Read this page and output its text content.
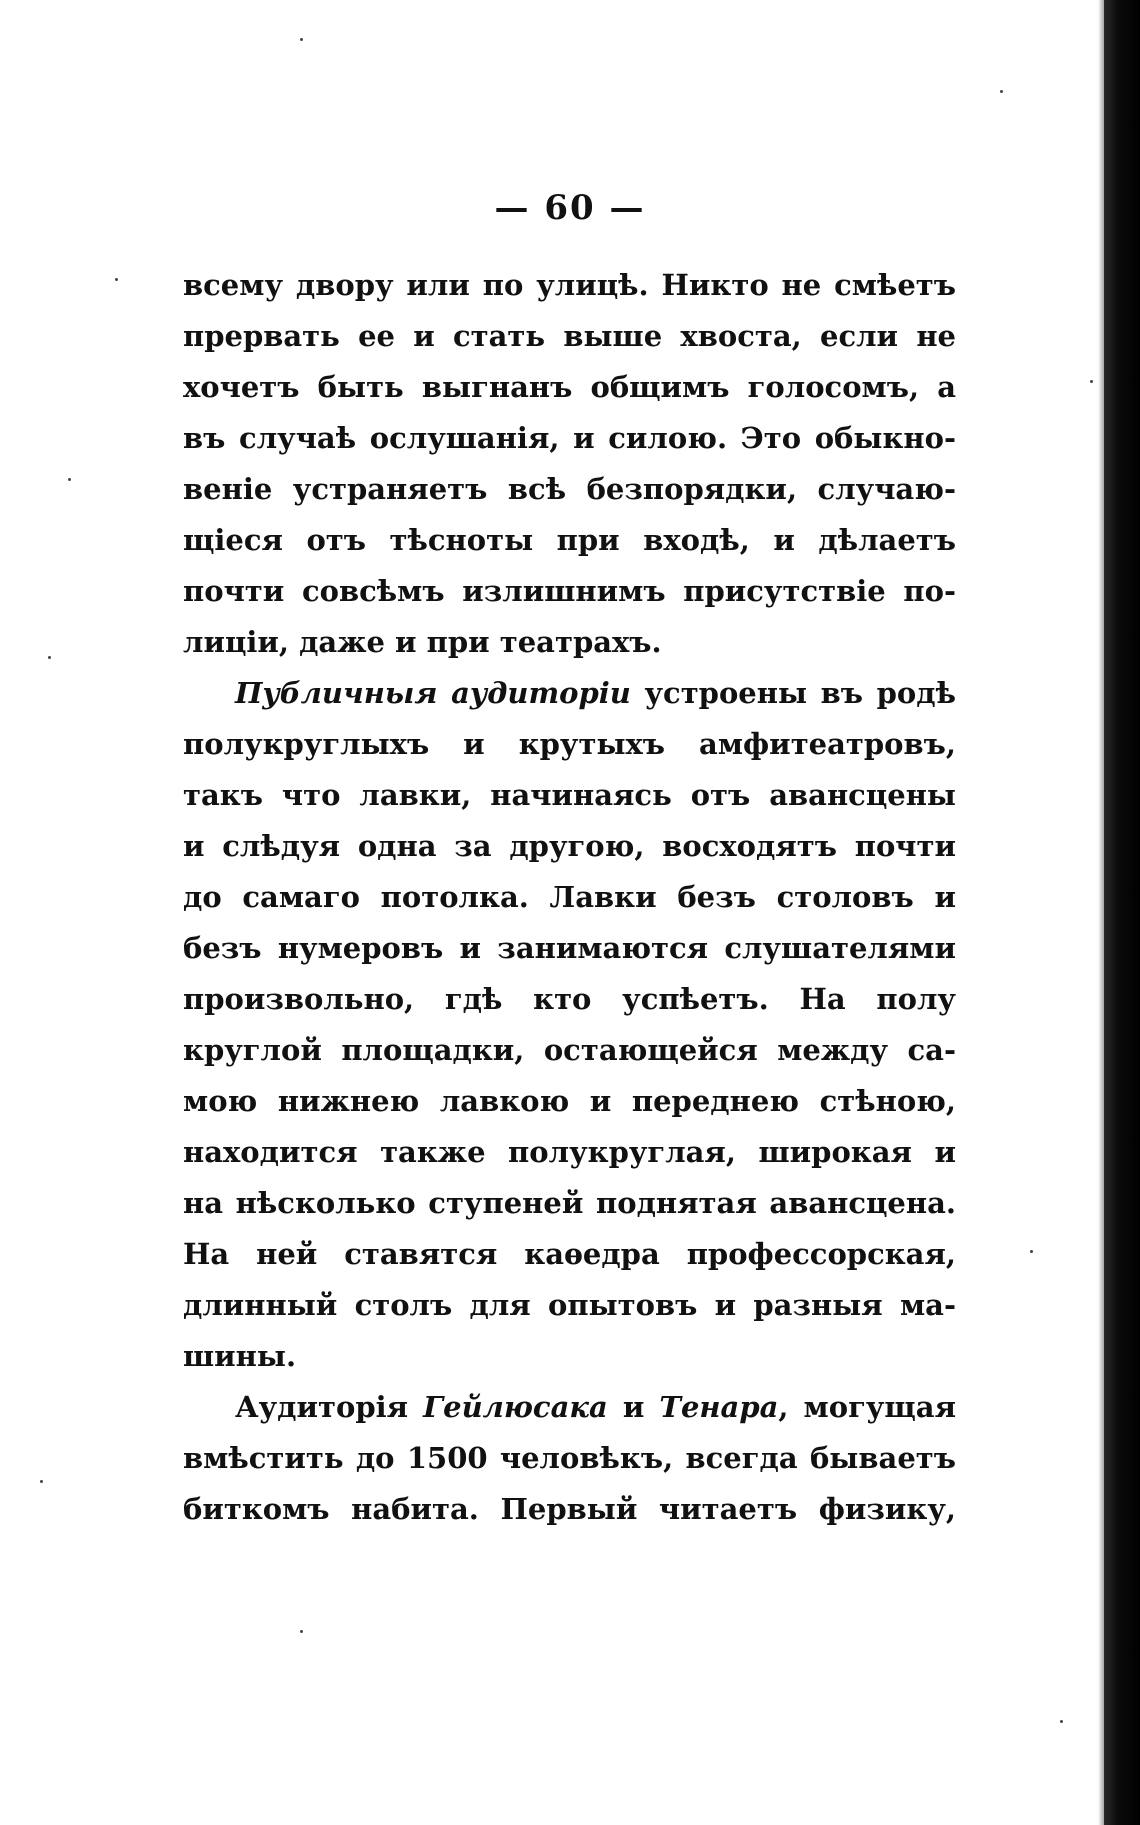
— 60 —
всему двору или по улицѣ. Никто не смѣетъ
прервать ее и стать выше хвоста, если не
хочетъ быть выгнанъ общимъ голосомъ, а
въ случаѣ ослушанія, и силою. Это обыкно-
веніе устраняетъ всѣ безпорядки, случаю-
щіеся отъ тѣсноты при входѣ, и дѣлаетъ
почти совсѣмъ излишнимъ присутствіе по-
лиціи, даже и при театрахъ.
Публичныя аудиторіи устроены въ родѣ
полукруглыхъ и крутыхъ амфитеатровъ,
такъ что лавки, начинаясь отъ авансцены
и слѣдуя одна за другою, восходятъ почти
до самаго потолка. Лавки безъ столовъ и
безъ нумеровъ и занимаются слушателями
произвольно, гдѣ кто успѣетъ. На полу
круглой площадки, остающейся между са-
мою нижнею лавкою и переднею стѣною,
находится также полукруглая, широкая и
на нѣсколько ступеней поднятая авансцена.
На ней ставятся каѳедра профессорская,
длинный столъ для опытовъ и разныя ма-
шины.
Аудиторія Гейлюсака и Тенара, могущая
вмѣстить до 1500 человѣкъ, всегда бываетъ
биткомъ набита. Первый читаетъ физику,
